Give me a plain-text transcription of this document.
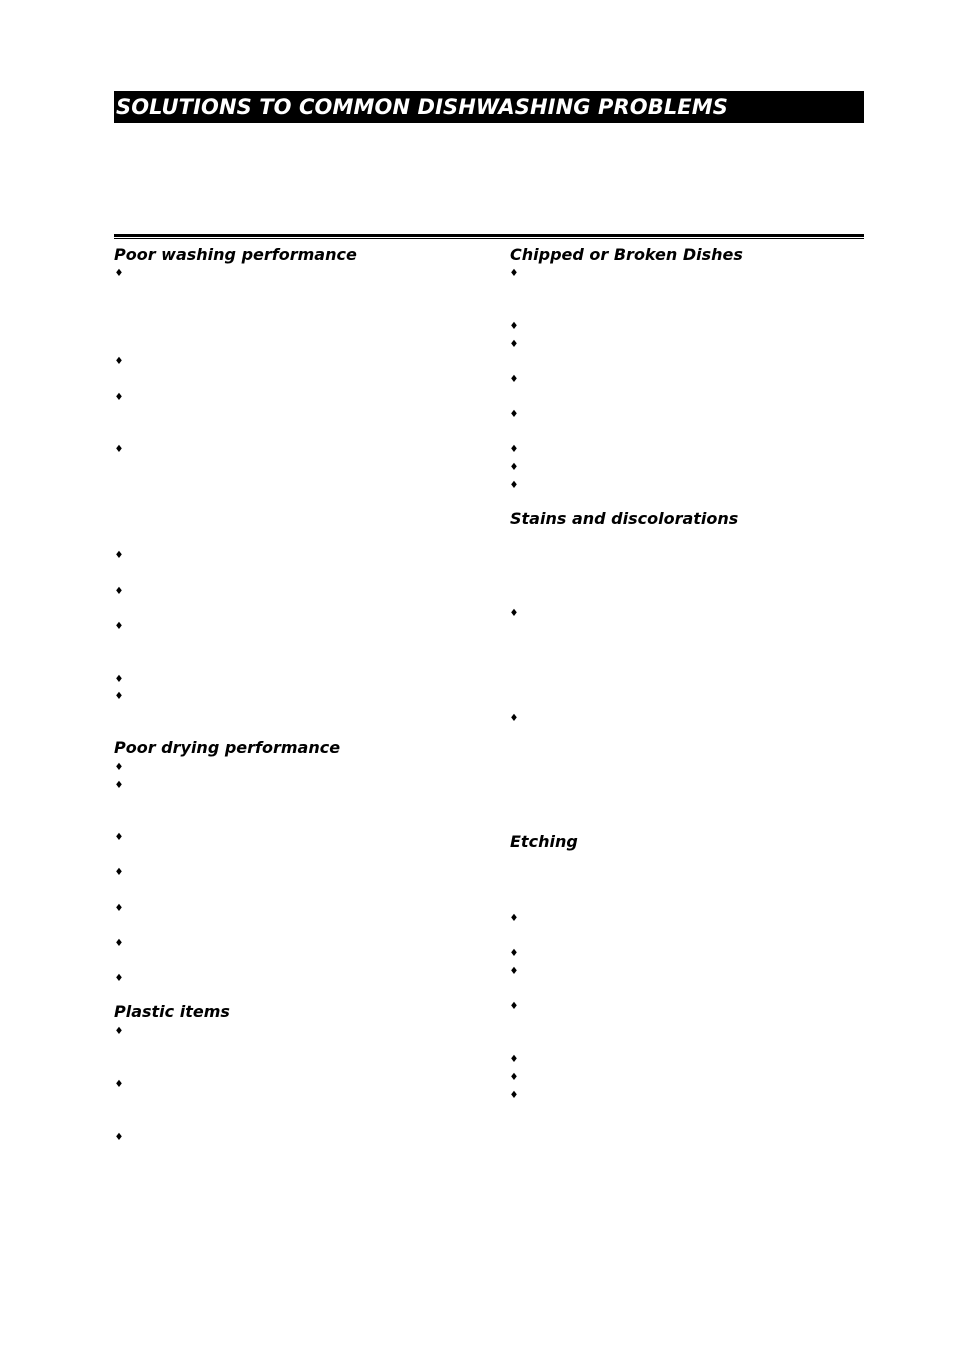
SOLUTIONS TO COMMON DISHWASHING PROBLEMS
Poor washing performance
Poor drying performance
Plastic items
Chipped or Broken Dishes
Stains and discolorations
Etching
♦
♦
♦
♦
♦
♦
♦
♦
♦
♦
♦
♦
♦
♦
♦
♦
♦
♦
♦
♦
♦
♦
♦
♦
♦
♦
♦
♦
♦
♦
♦
♦
♦
♦
♦
♦
